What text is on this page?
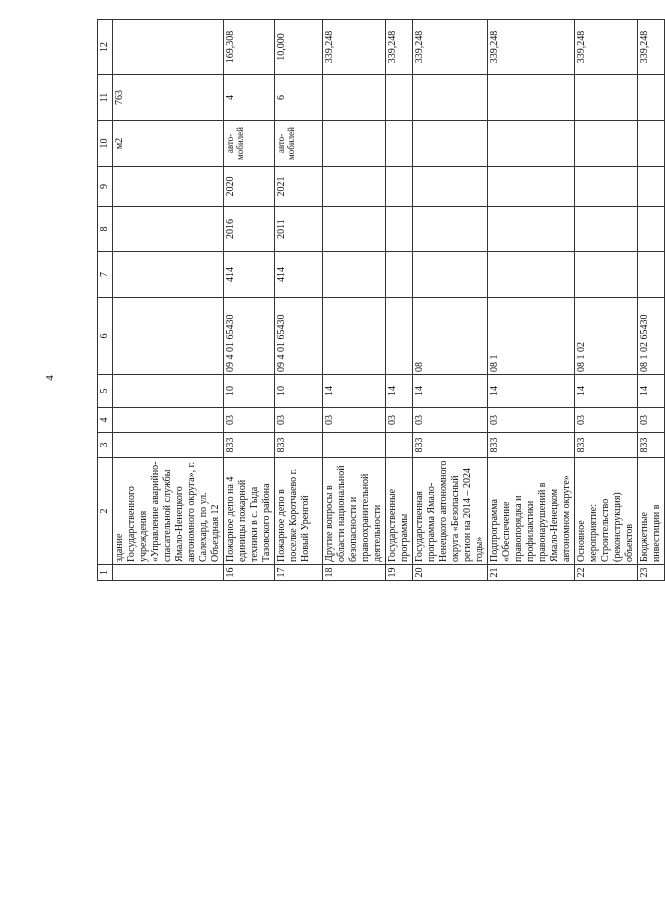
4
1	2	3	4	5	6	7	8	9	10	11	12
	здание Государственного учреждения «Управление аварийно-спасательной службы Ямало-Ненецкого автономного округа», г. Салехард, по ул. Объездная 12								м2	763	
16	Пожарное депо на 4 единицы пожарной техники в с. Гыда Тазовского района	833	03	10	09 4 01 65430	414	2016	2020	авто-мобилей	4	169,308
17	Пожарное депо в поселке Коротчаево г. Новый Уренгой	833	03	10	09 4 01 65430	414	2011	2021	авто-мобилей	6	10,000
18	Другие вопросы в области национальной безопасности и правоохранительной деятельности		03	14							339,248
19	Государственные программы		03	14							339,248
20	Государственная программа Ямало-Ненецкого автономного округа «Безопасный регион на 2014 – 2024 годы»	833	03	14	08						339,248
21	Подпрограмма «Обеспечение правопорядка и профилактики правонарушений в Ямало-Ненецком автономном округе»	833	03	14	08 1						339,248
22	Основное мероприятие: Строительство (реконструкция) объектов	833	03	14	08 1 02						339,248
23	Бюджетные инвестиции в	833	03	14	08 1 02 65430						339,248
